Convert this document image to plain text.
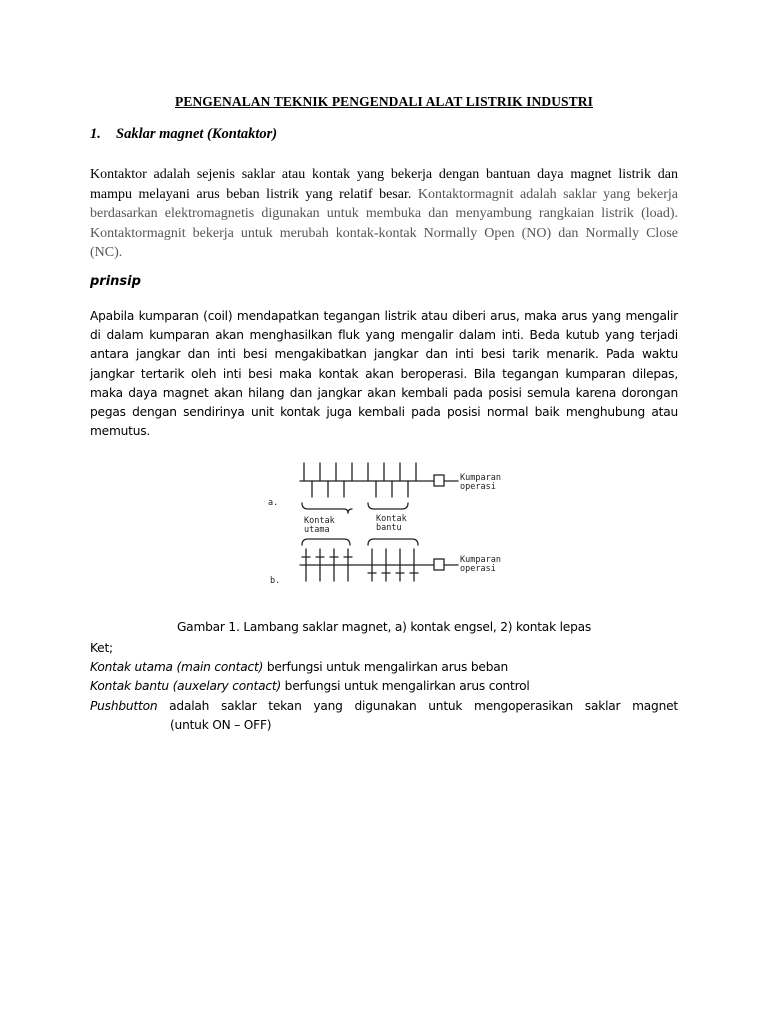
PENGENALAN TEKNIK PENGENDALI ALAT LISTRIK INDUSTRI
1. Saklar magnet (Kontaktor)
Kontaktor adalah sejenis saklar atau kontak yang bekerja dengan bantuan daya magnet listrik dan mampu melayani arus beban listrik yang relatif besar. Kontaktormagnit adalah saklar yang bekerja berdasarkan elektromagnetis digunakan untuk membuka dan menyambung rangkaian listrik (load). Kontaktormagnit bekerja untuk merubah kontak-kontak Normally Open (NO) dan Normally Close (NC).
prinsip
Apabila kumparan (coil) mendapatkan tegangan listrik atau diberi arus, maka arus yang mengalir di dalam kumparan akan menghasilkan fluk yang mengalir dalam inti. Beda kutub yang terjadi antara jangkar dan inti besi mengakibatkan jangkar dan inti besi tarik menarik. Pada waktu jangkar tertarik oleh inti besi maka kontak akan beroperasi. Bila tegangan kumparan dilepas, maka daya magnet akan hilang dan jangkar akan kembali pada posisi semula karena dorongan pegas dengan sendirinya unit kontak juga kembali pada posisi normal baik menghubung atau memutus.
a.
b.
Kumparan
operasi
Kumparan
operasi
Kontak
utama
Kontak
bantu
Gambar 1. Lambang saklar magnet, a) kontak engsel, 2) kontak lepas
Ket;
Kontak utama (main contact) berfungsi untuk mengalirkan arus beban
Kontak bantu (auxelary contact) berfungsi untuk mengalirkan arus control
Pushbutton adalah saklar tekan yang digunakan untuk mengoperasikan saklar magnet
(untuk ON – OFF)
